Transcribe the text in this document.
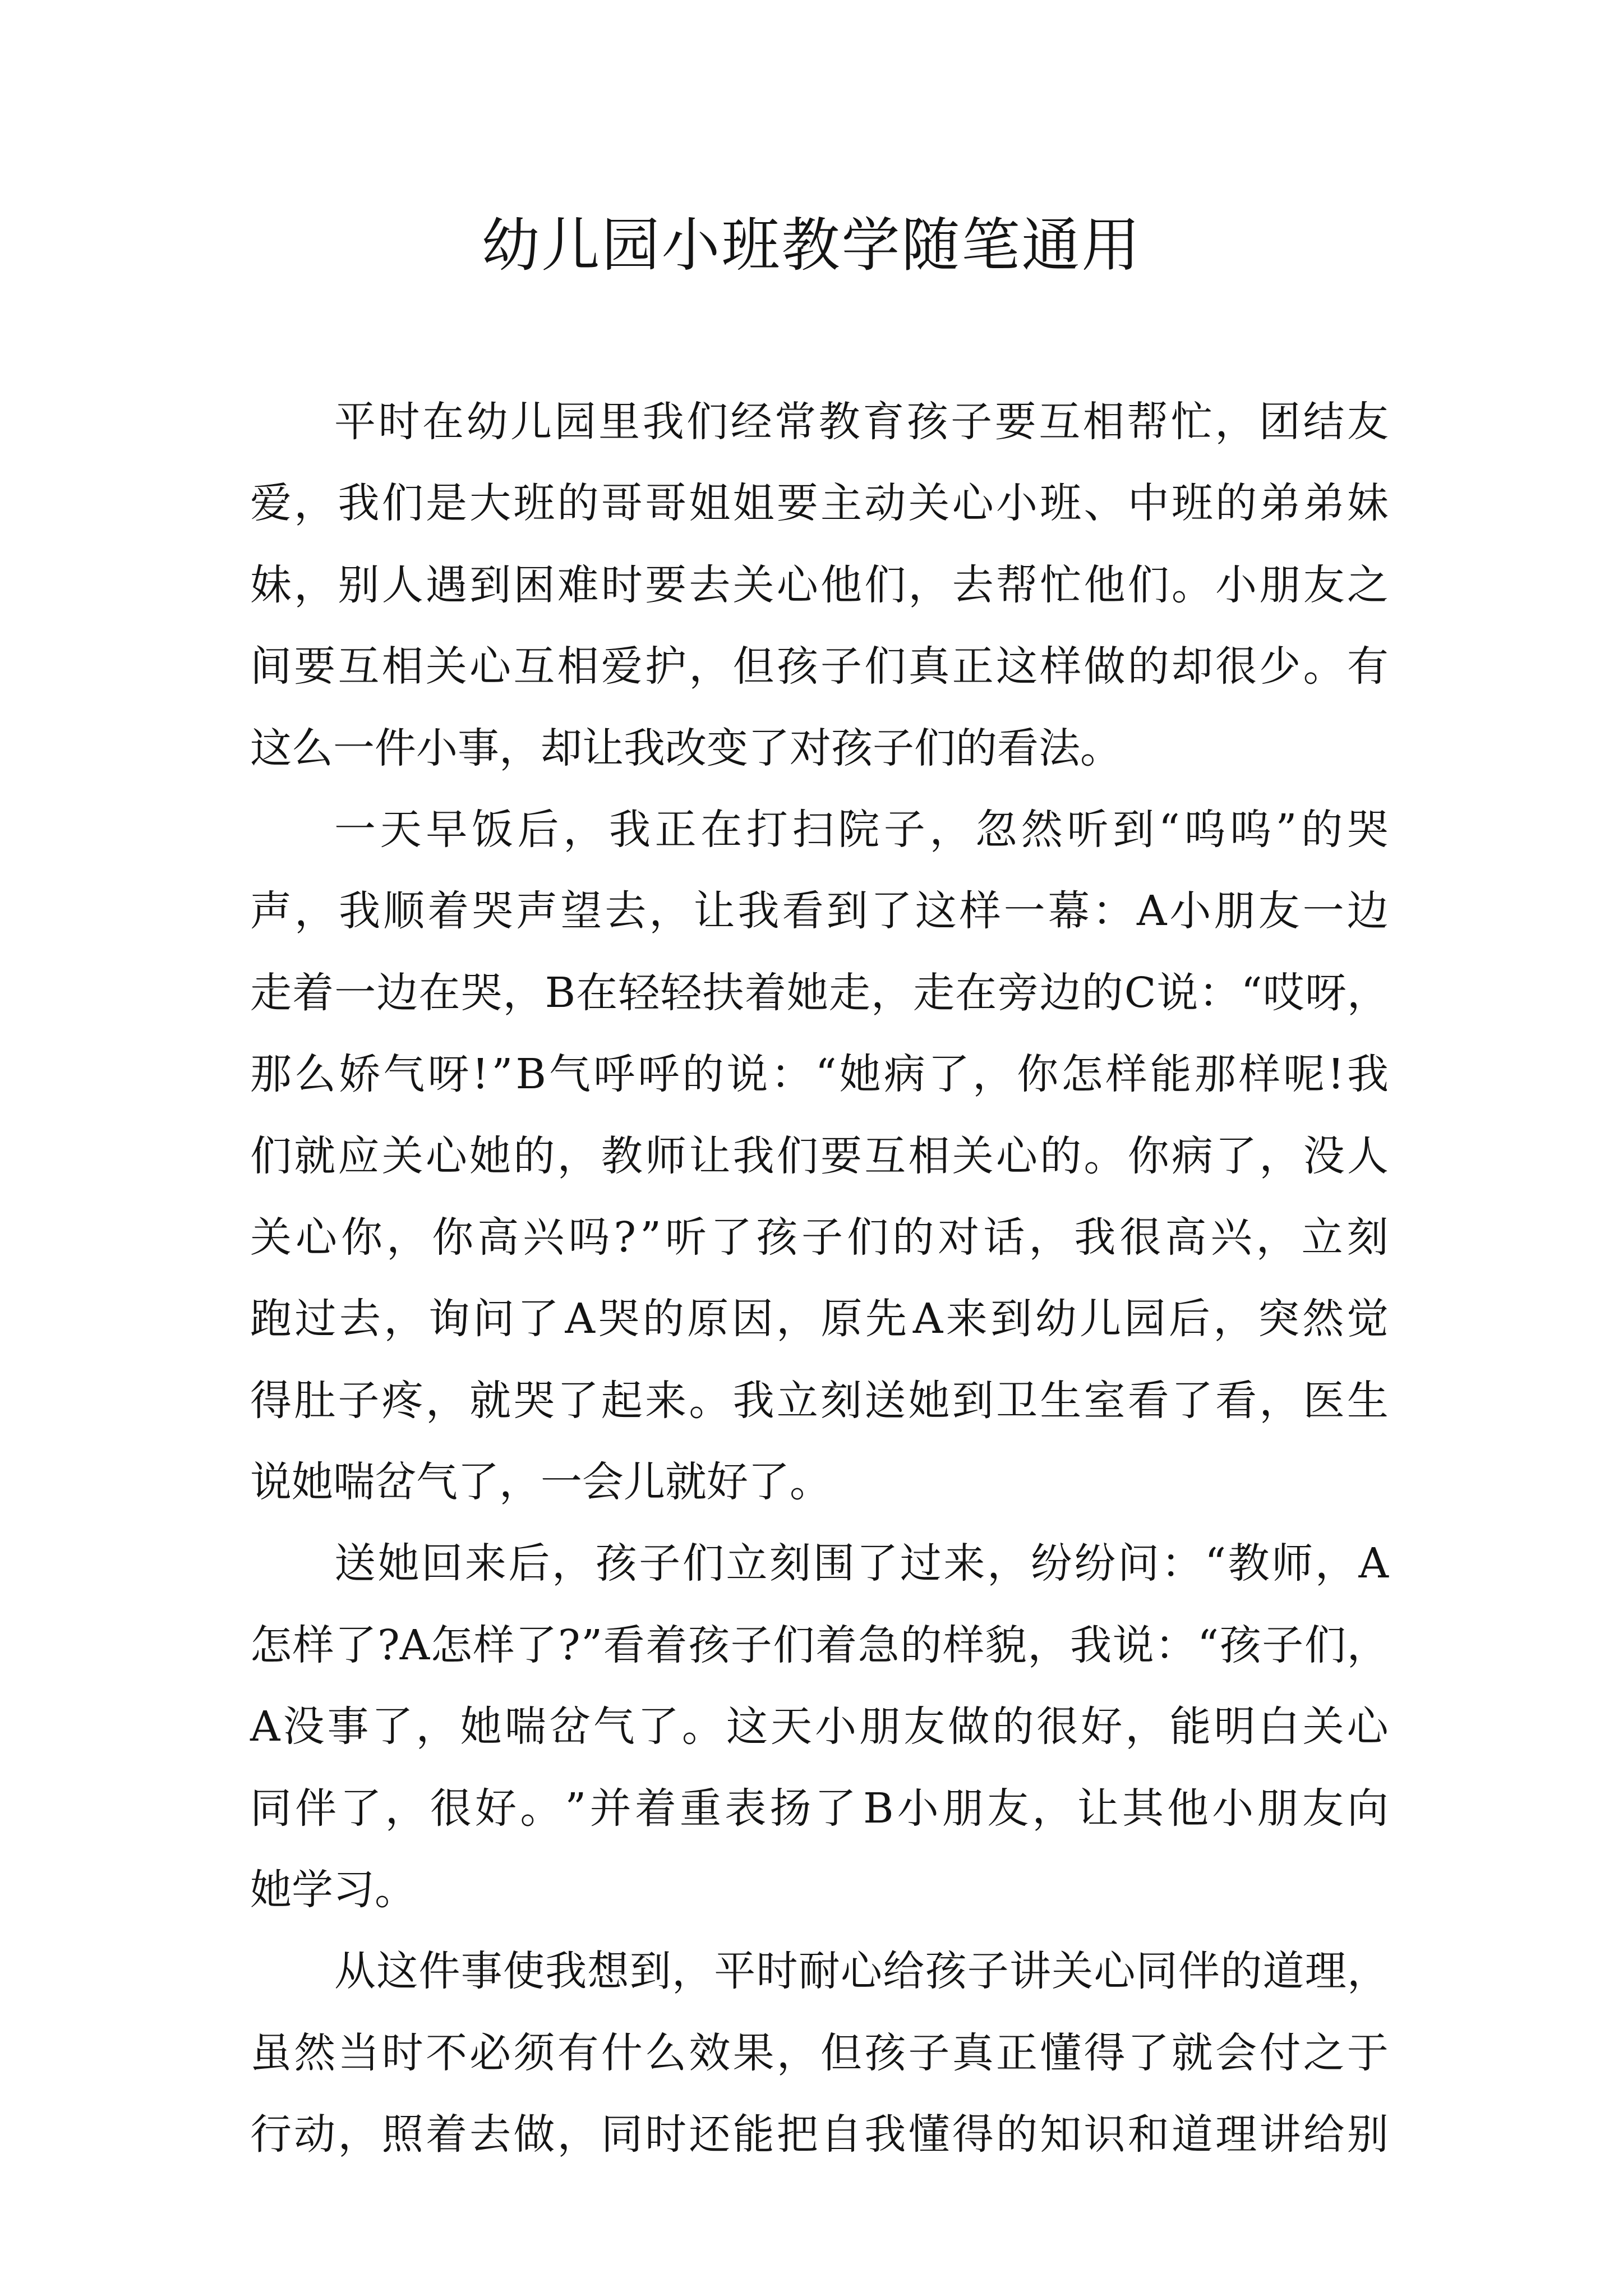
幼儿园小班教学随笔通用
平 时 在 幼 儿 园 里 我 们 经 常 教 育 孩 子 要 互 相 帮 忙 ， 团 结 友
爱 ， 我 们 是 大 班 的 哥 哥 姐 姐 要 主 动 关 心 小 班 、 中 班 的 弟 弟 妹
妹 ， 别 人 遇 到 困 难 时 要 去 关 心 他 们 ， 去 帮 忙 他 们 。 小 朋 友 之
间 要 互 相 关 心 互 相 爱 护 ， 但 孩 子 们 真 正 这 样 做 的 却 很 少 。 有
这 么 一 件 小 事 ， 却 让 我 改 变 了 对 孩 子 们 的 看 法 。
一 天 早 饭 后 ， 我 正 在 打 扫 院 子 ， 忽 然 听 到 “ 呜 呜 ” 的 哭
声 ， 我 顺 着 哭 声 望 去 ， 让 我 看 到 了 这 样 一 幕 ： A 小 朋 友 一 边
走 着 一 边 在 哭 ， B 在 轻 轻 扶 着 她 走 ， 走 在 旁 边 的 C 说 ： “ 哎 呀 ，
那 么 娇 气 呀 ! ” B 气 呼 呼 的 说 ： “ 她 病 了 ， 你 怎 样 能 那 样 呢 ! 我
们 就 应 关 心 她 的 ， 教 师 让 我 们 要 互 相 关 心 的 。 你 病 了 ， 没 人
关 心 你 ， 你 高 兴 吗 ? ” 听 了 孩 子 们 的 对 话 ， 我 很 高 兴 ， 立 刻
跑 过 去 ， 询 问 了 A 哭 的 原 因 ， 原 先 A 来 到 幼 儿 园 后 ， 突 然 觉
得 肚 子 疼 ， 就 哭 了 起 来 。 我 立 刻 送 她 到 卫 生 室 看 了 看 ， 医 生
说 她 喘 岔 气 了 ， 一 会 儿 就 好 了 。
送 她 回 来 后 ， 孩 子 们 立 刻 围 了 过 来 ， 纷 纷 问 ： “ 教 师 ， A
怎 样 了 ?A 怎 样 了 ? ” 看 着 孩 子 们 着 急 的 样 貌 ， 我 说 ： “ 孩 子 们 ，
A 没 事 了 ， 她 喘 岔 气 了 。 这 天 小 朋 友 做 的 很 好 ， 能 明 白 关 心
同 伴 了 ， 很 好 。 ” 并 着 重 表 扬 了 B 小 朋 友 ， 让 其 他 小 朋 友 向
她 学 习 。
从 这 件 事 使 我 想 到 ， 平 时 耐 心 给 孩 子 讲 关 心 同 伴 的 道 理 ，
虽 然 当 时 不 必 须 有 什 么 效 果 ， 但 孩 子 真 正 懂 得 了 就 会 付 之 于
行 动 ， 照 着 去 做 ， 同 时 还 能 把 自 我 懂 得 的 知 识 和 道 理 讲 给 别
